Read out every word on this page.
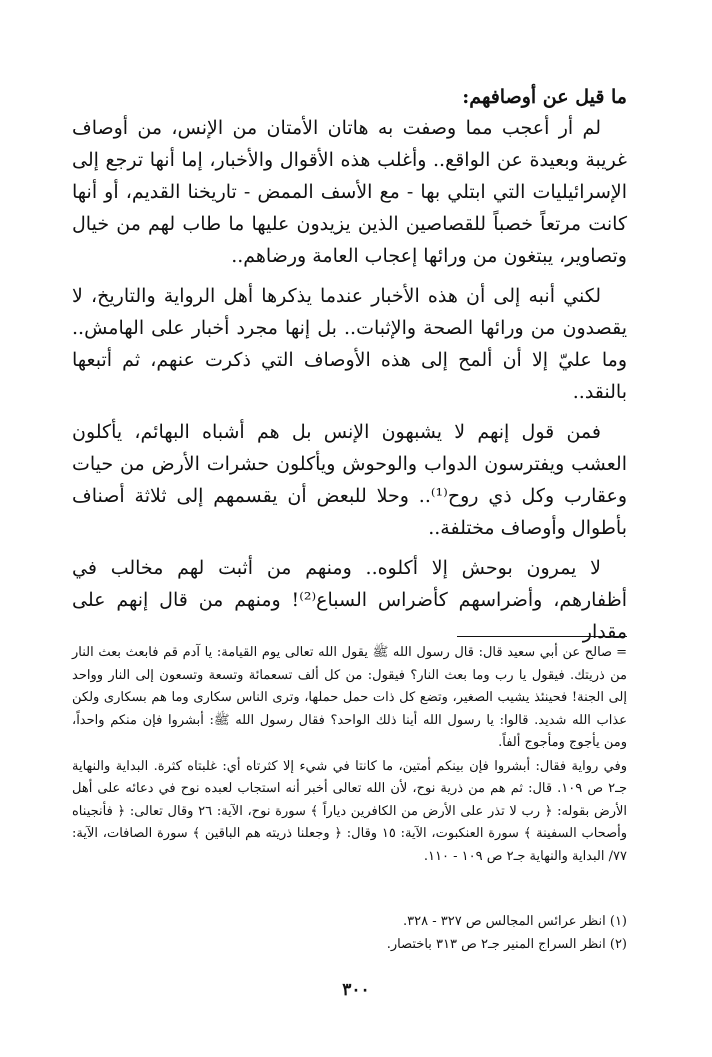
ما قيل عن أوصافهم:

لم أر أعجب مما وصفت به هاتان الأمتان من الإنس، من أوصاف غريبة وبعيدة عن الواقع.. وأغلب هذه الأقوال والأخبار، إما أنها ترجع إلى الإسرائيليات التي ابتلي بها - مع الأسف الممض - تاريخنا القديم، أو أنها كانت مرتعاً خصباً للقصاصين الذين يزيدون عليها ما طاب لهم من خيال وتصاوير، يبتغون من ورائها إعجاب العامة ورضاهم..

لكني أنبه إلى أن هذه الأخبار عندما يذكرها أهل الرواية والتاريخ، لا يقصدون من ورائها الصحة والإثبات.. بل إنها مجرد أخبار على الهامش.. وما عليّ إلا أن ألمح إلى هذه الأوصاف التي ذكرت عنهم، ثم أتبعها بالنقد..

فمن قول إنهم لا يشبهون الإنس بل هم أشباه البهائم، يأكلون العشب ويفترسون الدواب والوحوش ويأكلون حشرات الأرض من حيات وعقارب وكل ذي روح⁽¹⁾.. وحلا للبعض أن يقسمهم إلى ثلاثة أصناف بأطوال وأوصاف مختلفة..

لا يمرون بوحش إلا أكلوه.. ومنهم من أثبت لهم مخالب في أظفارهم، وأضراسهم كأضراس السباع⁽²⁾! ومنهم من قال إنهم على مقدار

=صالح عن أبي سعيد قال: قال رسول الله ﷺ يقول الله تعالى يوم القيامة: يا آدم قم فابعث بعث النار من ذريتك. فيقول يا رب وما بعث النار؟ فيقول: من كل ألف تسعمائة وتسعة وتسعون إلى النار وواحد إلى الجنة! فحينئذ يشيب الصغير، وتضع كل ذات حمل حملها، وترى الناس سكارى وما هم بسكارى ولكن عذاب الله شديد. قالوا: يا رسول الله أينا ذلك الواحد؟ فقال رسول الله ﷺ: أبشروا فإن منكم واحداً، ومن يأجوج ومأجوج ألفاً.

وفي رواية فقال: أبشروا فإن بينكم أمتين، ما كانتا في شيء إلا كثرتاه أي: غلبتاه كثرة. البداية والنهاية جـ٢ ص ١٠٩. قال: ثم هم من ذرية نوح، لأن الله تعالى أخبر أنه استجاب لعبده نوح في دعائه على أهل الأرض بقوله: ﴿ رب لا تذر على الأرض من الكافرين دياراً ﴾ سورة نوح، الآية: ٢٦ وقال تعالى: ﴿ فأنجيناه وأصحاب السفينة ﴾ سورة العنكبوت، الآية: ١٥ وقال: ﴿ وجعلنا ذريته هم الباقين ﴾ سورة الصافات، الآية: ٧٧/ البداية والنهاية جـ٢ ص ١٠٩ - ١١٠.

(١) انظر عرائس المجالس ص ٣٢٧ - ٣٢٨.

(٢) انظر السراج المنير جـ٢ ص ٣١٣ باختصار.

٣٠٠
